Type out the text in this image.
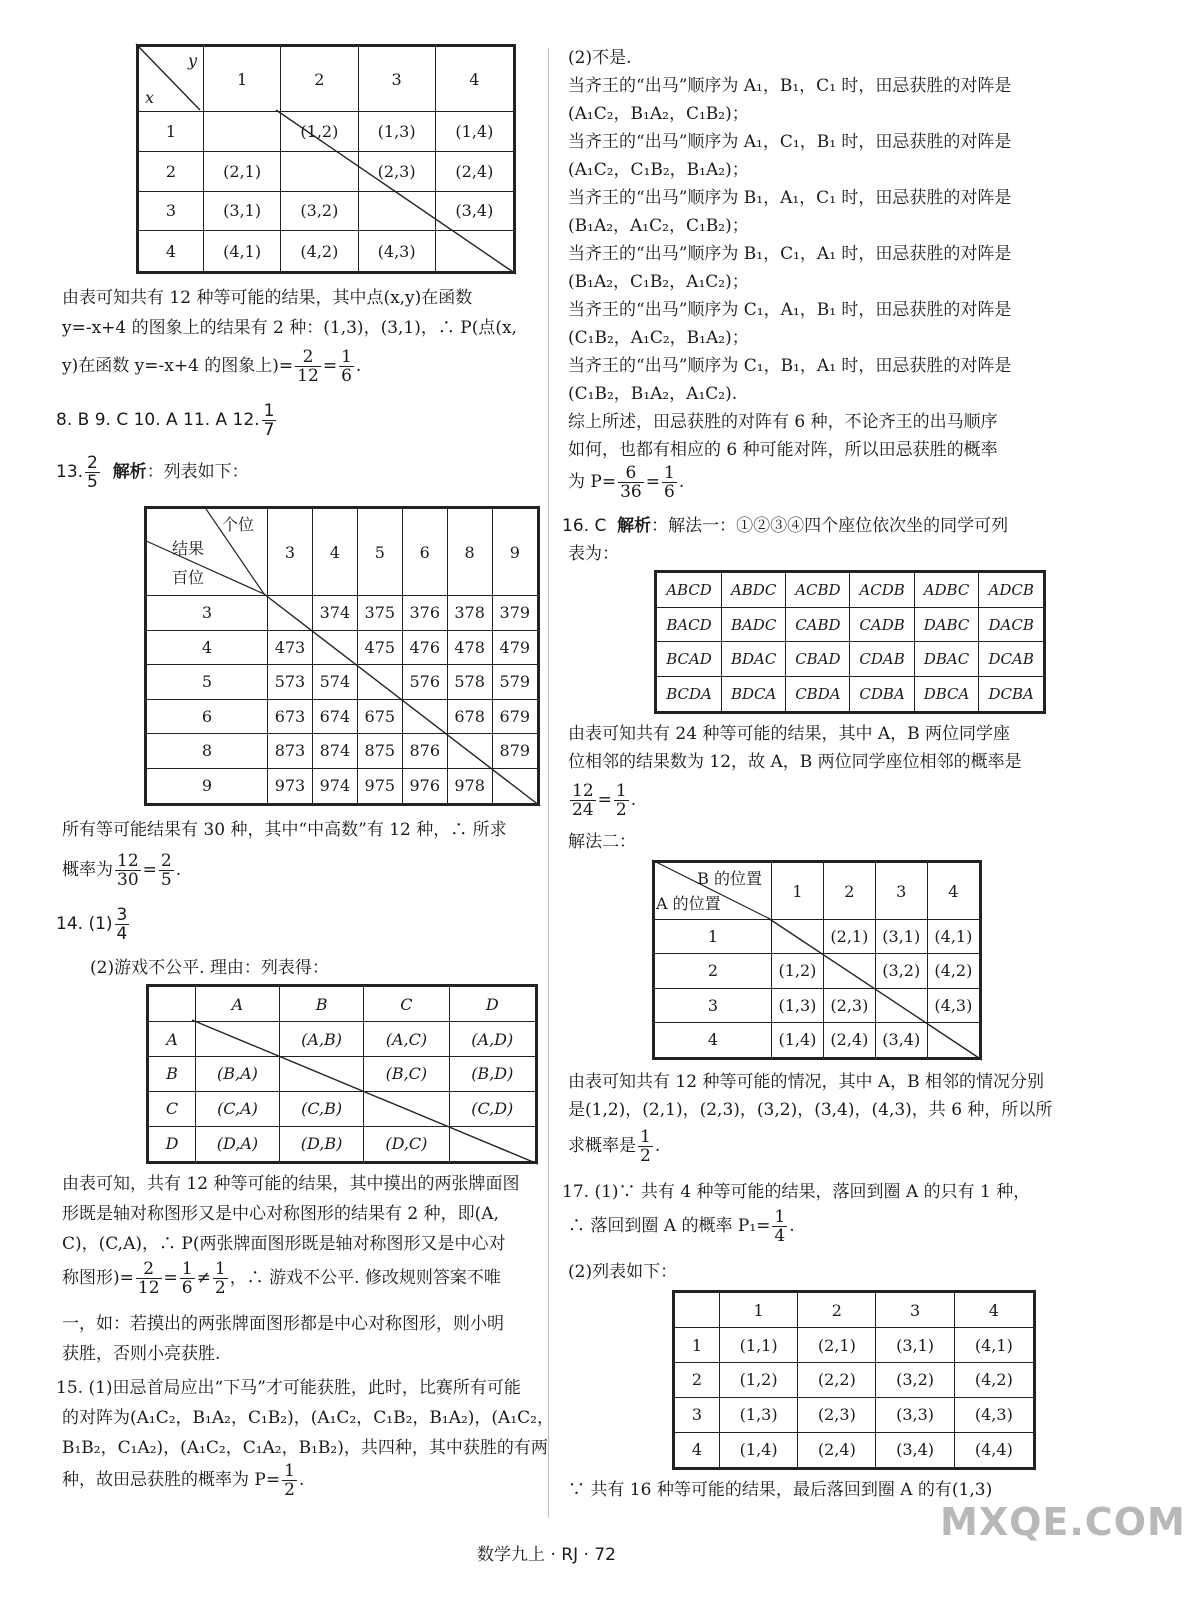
y
x	1	2	3	4
1		(1,2)	(1,3)	(1,4)
2	(2,1)		(2,3)	(2,4)
3	(3,1)	(3,2)		(3,4)
4	(4,1)	(4,2)	(4,3)	
由表可知共有 12 种等可能的结果，其中点(x,y)在函数
y=-x+4 的图象上的结果有 2 种：(1,3)，(3,1)，∴ P(点(x,
y)在函数 y=-x+4 的图象上)= $\frac{2}{12} = \frac{1}{6}$ .
8. B 9. C 10. A 11. A 12. $\frac{1}{7}$
13. $\frac{2}{5}$ 解析：列表如下：
	3	4	5	6	8	9
3		374	375	376	378	379
4	473		475	476	478	479
5	573	574		576	578	579
6	673	674	675		678	679
8	873	874	875	876		879
9	973	974	975	976	978	
个位
结果
百位
所有等可能结果有 30 种，其中“中高数”有 12 种，∴ 所求
概率为 $\frac{12}{30} = \frac{2}{5}$ .
14. $(1) \frac{3}{4}$
(2)游戏不公平. 理由：列表得：
	A	B	C	D
A		(A,B)	(A,C)	(A,D)
B	(B,A)		(B,C)	(B,D)
C	(C,A)	(C,B)		(C,D)
D	(D,A)	(D,B)	(D,C)	
由表可知，共有 12 种等可能的结果，其中摸出的两张牌面图
形既是轴对称图形又是中心对称图形的结果有 2 种，即(A,
C)，(C,A)，∴ P(两张牌面图形既是轴对称图形又是中心对
称图形)= $\frac{2}{12} = \frac{1}{6} \ne \frac{1}{2}$ ，∴ 游戏不公平. 修改规则答案不唯
一，如：若摸出的两张牌面图形都是中心对称图形，则小明
获胜，否则小亮获胜.
15. (1)田忌首局应出“下马”才可能获胜，此时，比赛所有可能
的对阵为(A₁C₂，B₁A₂，C₁B₂)，(A₁C₂，C₁B₂，B₁A₂)，(A₁C₂，
B₁B₂，C₁A₂)，(A₁C₂，C₁A₂，B₁B₂)，共四种，其中获胜的有两
种，故田忌获胜的概率为 $P= \frac{1}{2}$ .
(2)不是.
当齐王的“出马”顺序为 A₁，B₁，C₁ 时，田忌获胜的对阵是
(A₁C₂，B₁A₂，C₁B₂)；
当齐王的“出马”顺序为 A₁，C₁，B₁ 时，田忌获胜的对阵是
(A₁C₂，C₁B₂，B₁A₂)；
当齐王的“出马”顺序为 B₁，A₁，C₁ 时，田忌获胜的对阵是
(B₁A₂，A₁C₂，C₁B₂)；
当齐王的“出马”顺序为 B₁，C₁，A₁ 时，田忌获胜的对阵是
(B₁A₂，C₁B₂，A₁C₂)；
当齐王的“出马”顺序为 C₁，A₁，B₁ 时，田忌获胜的对阵是
(C₁B₂，A₁C₂，B₁A₂)；
当齐王的“出马”顺序为 C₁，B₁，A₁ 时，田忌获胜的对阵是
(C₁B₂，B₁A₂，A₁C₂).
综上所述，田忌获胜的对阵有 6 种，不论齐王的出马顺序
如何，也都有相应的 6 种可能对阵，所以田忌获胜的概率
为 $P= \frac{6}{36} = \frac{1}{6}$ .
16. C 解析：解法一：①②③④四个座位依次坐的同学可列
表为：
ABCD	ABDC	ACBD	ACDB	ADBC	ADCB
BACD	BADC	CABD	CADB	DABC	DACB
BCAD	BDAC	CBAD	CDAB	DBAC	DCAB
BCDA	BDCA	CBDA	CDBA	DBCA	DCBA
由表可知共有 24 种等可能的结果，其中 A，B 两位同学座
位相邻的结果数为 12，故 A，B 两位同学座位相邻的概率是
$\frac{12}{24} = \frac{1}{2}$ .
解法二：
	1	2	3	4
1		(2,1)	(3,1)	(4,1)
2	(1,2)		(3,2)	(4,2)
3	(1,3)	(2,3)		(4,3)
4	(1,4)	(2,4)	(3,4)	
B 的位置
A 的位置
由表可知共有 12 种等可能的情况，其中 A，B 相邻的情况分别
是(1,2)，(2,1)，(2,3)，(3,2)，(3,4)，(4,3)，共 6 种，所以所
求概率是 $\frac{1}{2}$ .
17. (1)∵ 共有 4 种等可能的结果，落回到圈 A 的只有 1 种，
∴ 落回到圈 A 的概率 $P_1= \frac{1}{4}$ .
(2)列表如下：
	1	2	3	4
1	(1,1)	(2,1)	(3,1)	(4,1)
2	(1,2)	(2,2)	(3,2)	(4,2)
3	(1,3)	(2,3)	(3,3)	(4,3)
4	(1,4)	(2,4)	(3,4)	(4,4)
∵ 共有 16 种等可能的结果，最后落回到圈 A 的有(1,3)
数学九上 · RJ · 72
MXQE.COM
